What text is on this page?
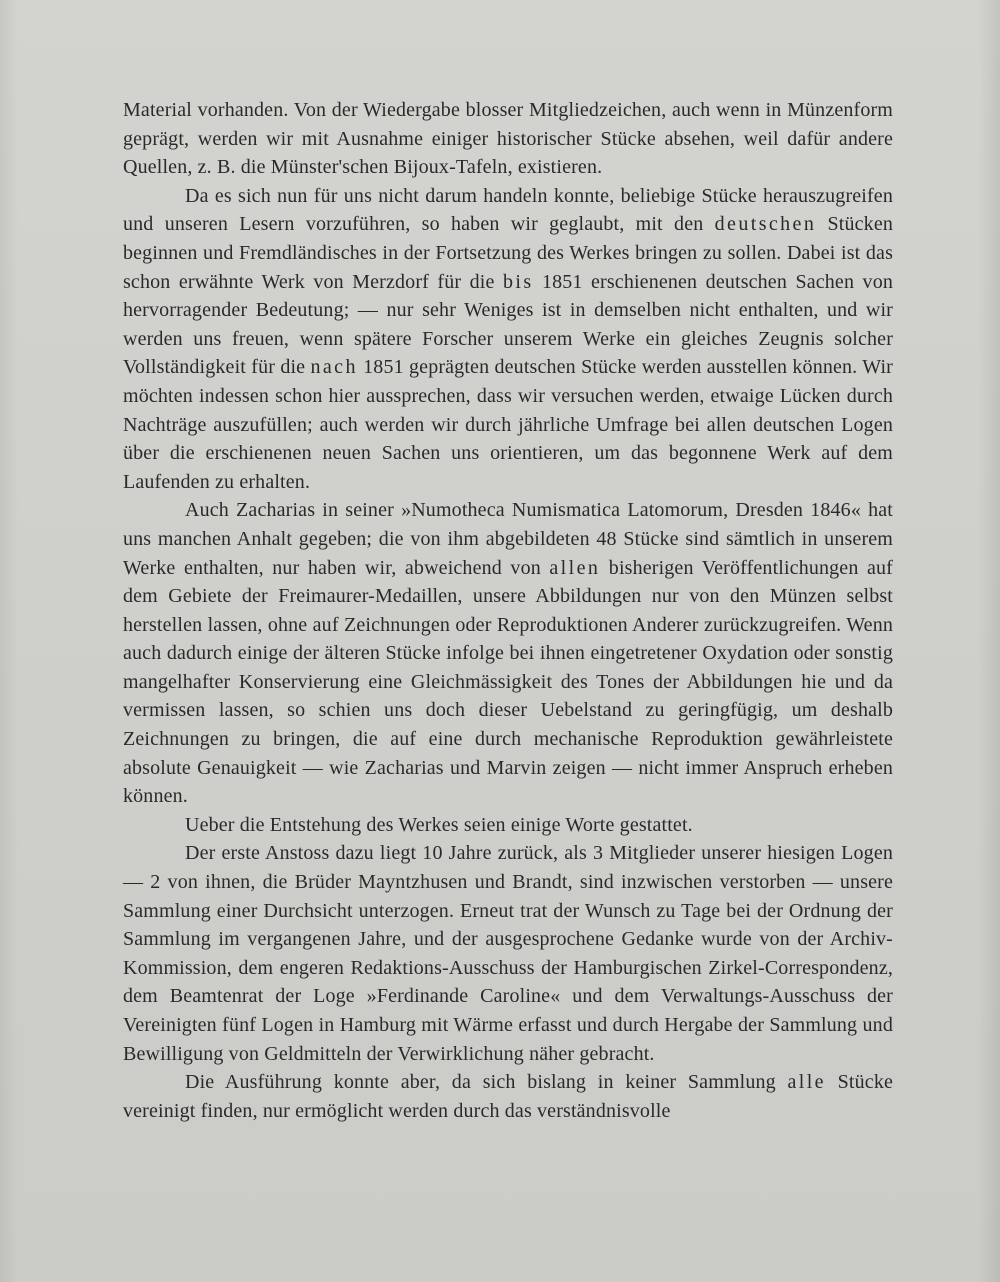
Material vorhanden. Von der Wiedergabe blosser Mitgliedzeichen, auch wenn in Münzenform geprägt, werden wir mit Ausnahme einiger historischer Stücke absehen, weil dafür andere Quellen, z. B. die Münster'schen Bijoux-Tafeln, existieren.

Da es sich nun für uns nicht darum handeln konnte, beliebige Stücke herauszugreifen und unseren Lesern vorzuführen, so haben wir geglaubt, mit den deutschen Stücken beginnen und Fremdländisches in der Fortsetzung des Werkes bringen zu sollen. Dabei ist das schon erwähnte Werk von Merzdorf für die bis 1851 erschienenen deutschen Sachen von hervorragender Bedeutung; — nur sehr Weniges ist in demselben nicht enthalten, und wir werden uns freuen, wenn spätere Forscher unserem Werke ein gleiches Zeugnis solcher Vollständigkeit für die nach 1851 geprägten deutschen Stücke werden ausstellen können. Wir möchten indessen schon hier aussprechen, dass wir versuchen werden, etwaige Lücken durch Nachträge auszufüllen; auch werden wir durch jährliche Umfrage bei allen deutschen Logen über die erschienenen neuen Sachen uns orientieren, um das begonnene Werk auf dem Laufenden zu erhalten.

Auch Zacharias in seiner »Numotheca Numismatica Latomorum, Dresden 1846« hat uns manchen Anhalt gegeben; die von ihm abgebildeten 48 Stücke sind sämtlich in unserem Werke enthalten, nur haben wir, abweichend von allen bisherigen Veröffentlichungen auf dem Gebiete der Freimaurer-Medaillen, unsere Abbildungen nur von den Münzen selbst herstellen lassen, ohne auf Zeichnungen oder Reproduktionen Anderer zurückzugreifen. Wenn auch dadurch einige der älteren Stücke infolge bei ihnen eingetretener Oxydation oder sonstig mangelhafter Konservierung eine Gleichmässigkeit des Tones der Abbildungen hie und da vermissen lassen, so schien uns doch dieser Uebelstand zu geringfügig, um deshalb Zeichnungen zu bringen, die auf eine durch mechanische Reproduktion gewährleistete absolute Genauigkeit — wie Zacharias und Marvin zeigen — nicht immer Anspruch erheben können.

Ueber die Entstehung des Werkes seien einige Worte gestattet.

Der erste Anstoss dazu liegt 10 Jahre zurück, als 3 Mitglieder unserer hiesigen Logen — 2 von ihnen, die Brüder Mayntzhusen und Brandt, sind inzwischen verstorben — unsere Sammlung einer Durchsicht unterzogen. Erneut trat der Wunsch zu Tage bei der Ordnung der Sammlung im vergangenen Jahre, und der ausgesprochene Gedanke wurde von der Archiv-Kommission, dem engeren Redaktions-Ausschuss der Hamburgischen Zirkel-Correspondenz, dem Beamtenrat der Loge »Ferdinande Caroline« und dem Verwaltungs-Ausschuss der Vereinigten fünf Logen in Hamburg mit Wärme erfasst und durch Hergabe der Sammlung und Bewilligung von Geldmitteln der Verwirklichung näher gebracht.

Die Ausführung konnte aber, da sich bislang in keiner Sammlung alle Stücke vereinigt finden, nur ermöglicht werden durch das verständnisvolle
